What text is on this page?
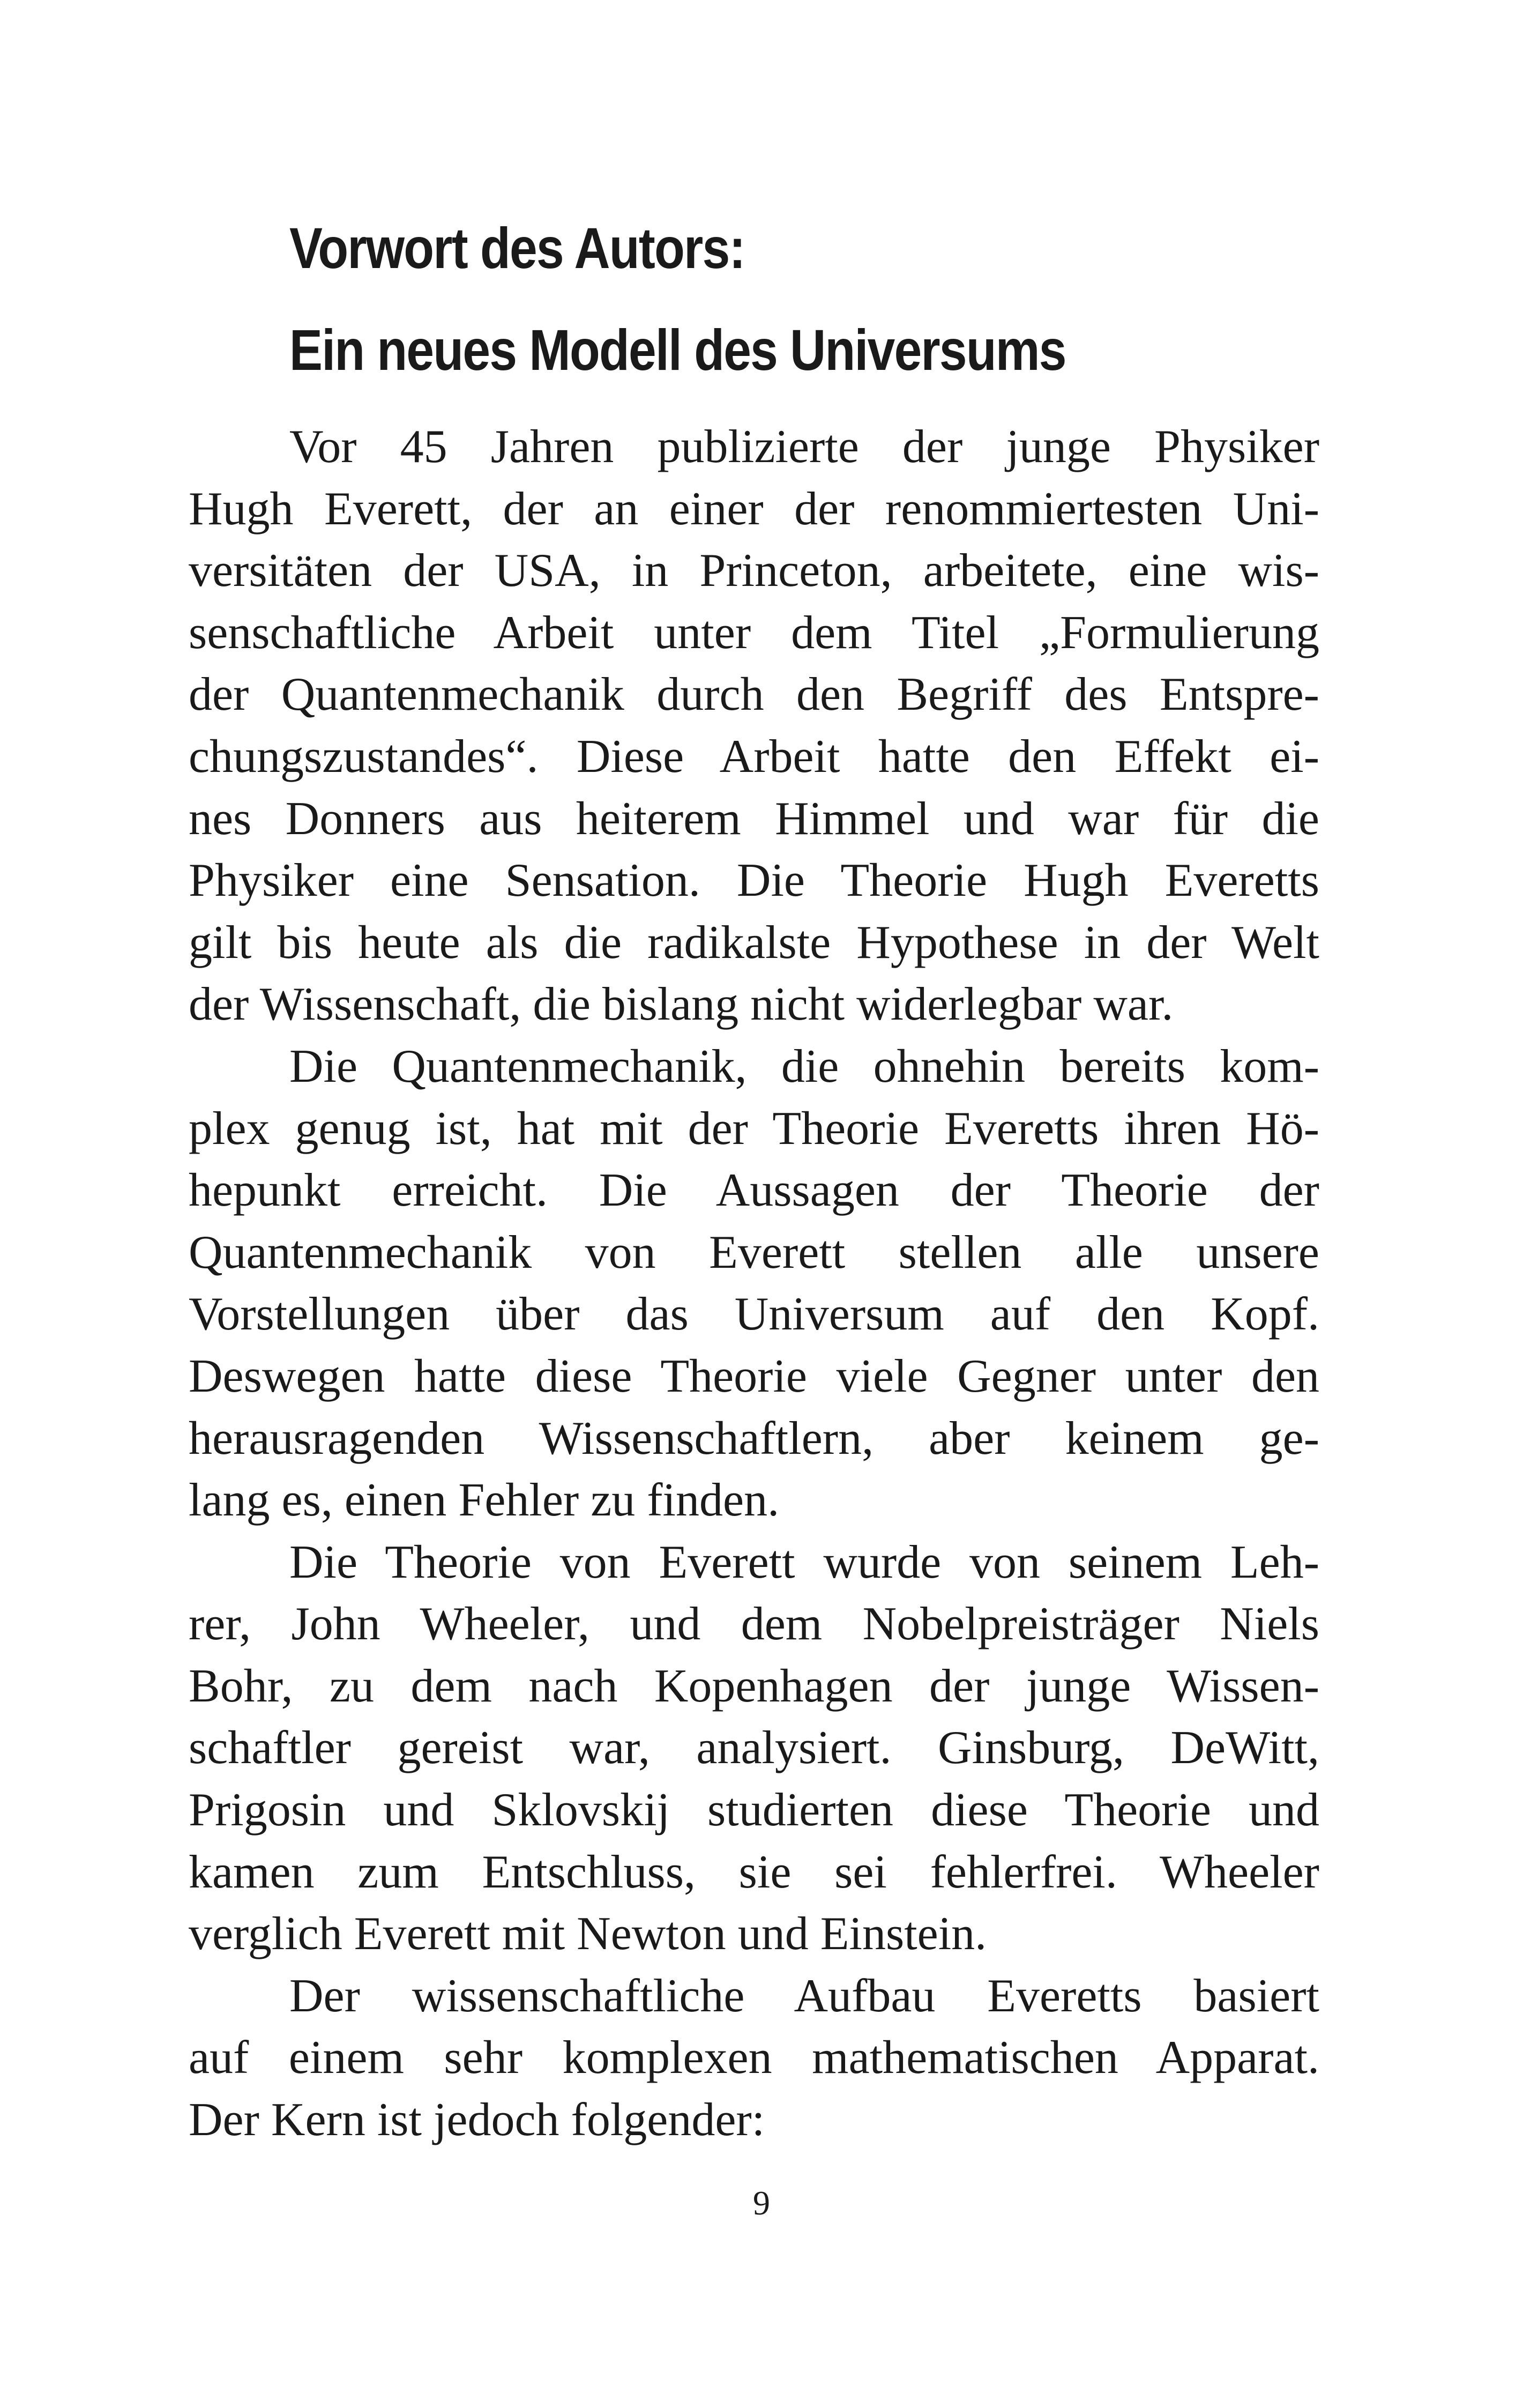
Vorwort des Autors:
Ein neues Modell des Universums
Vor 45 Jahren publizierte der junge Physiker
Hugh Everett, der an einer der renommiertesten Uni-
versitäten der USA, in Princeton, arbeitete, eine wis-
senschaftliche Arbeit unter dem Titel „Formulierung
der Quantenmechanik durch den Begriff des Entspre-
chungszustandes“. Diese Arbeit hatte den Effekt ei-
nes Donners aus heiterem Himmel und war für die
Physiker eine Sensation. Die Theorie Hugh Everetts
gilt bis heute als die radikalste Hypothese in der Welt
der Wissenschaft, die bislang nicht widerlegbar war.
Die Quantenmechanik, die ohnehin bereits kom-
plex genug ist, hat mit der Theorie Everetts ihren Hö-
hepunkt erreicht. Die Aussagen der Theorie der
Quantenmechanik von Everett stellen alle unsere
Vorstellungen über das Universum auf den Kopf.
Deswegen hatte diese Theorie viele Gegner unter den
herausragenden Wissenschaftlern, aber keinem ge-
lang es, einen Fehler zu finden.
Die Theorie von Everett wurde von seinem Leh-
rer, John Wheeler, und dem Nobelpreisträger Niels
Bohr, zu dem nach Kopenhagen der junge Wissen-
schaftler gereist war, analysiert. Ginsburg, DeWitt,
Prigosin und Sklovskij studierten diese Theorie und
kamen zum Entschluss, sie sei fehlerfrei. Wheeler
verglich Everett mit Newton und Einstein.
Der wissenschaftliche Aufbau Everetts basiert
auf einem sehr komplexen mathematischen Apparat.
Der Kern ist jedoch folgender:
9
